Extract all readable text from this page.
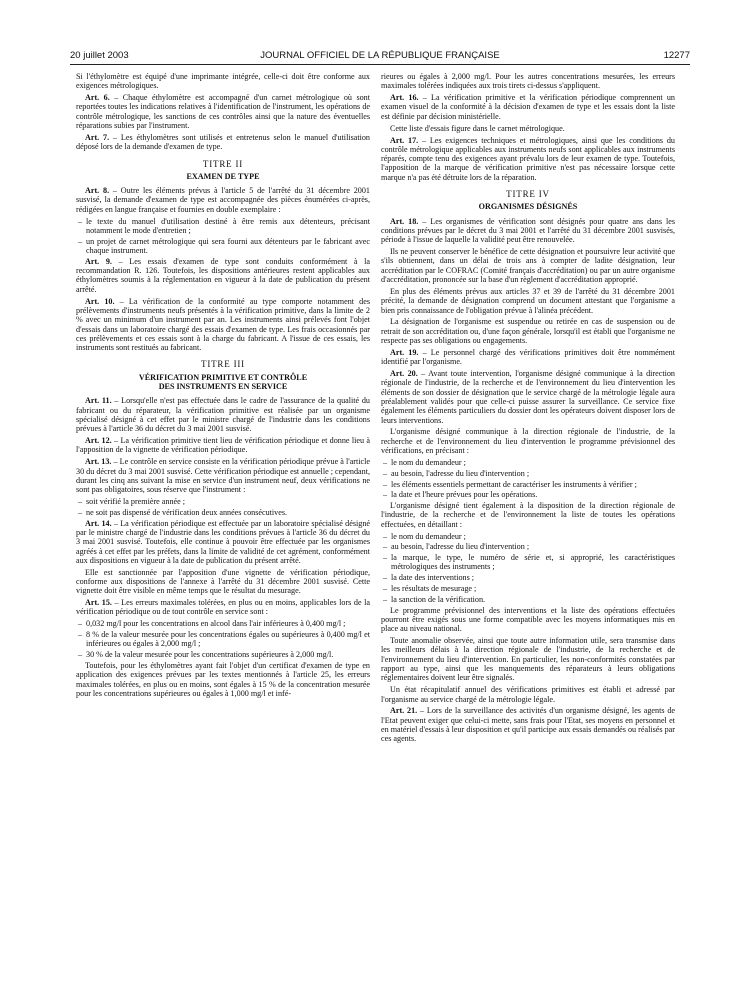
20 juillet 2003	JOURNAL OFFICIEL DE LA RÉPUBLIQUE FRANÇAISE	12277

Si l'éthylomètre est équipé d'une imprimante intégrée, celle-ci doit être conforme aux exigences métrologiques.

Art. 6. – Chaque éthylomètre est accompagné d'un carnet métrologique où sont reportées toutes les indications relatives à l'identification de l'instrument, les opérations de contrôle métrologique, les sanctions de ces contrôles ainsi que la nature des éventuelles réparations subies par l'instrument.

Art. 7. – Les éthylomètres sont utilisés et entretenus selon le manuel d'utilisation déposé lors de la demande d'examen de type.

TITRE II
EXAMEN DE TYPE

Art. 8. – Outre les éléments prévus à l'article 5 de l'arrêté du 31 décembre 2001 susvisé, la demande d'examen de type est accompagnée des pièces énumérées ci-après, rédigées en langue française et fournies en double exemplaire :

– le texte du manuel d'utilisation destiné à être remis aux détenteurs, précisant notamment le mode d'entretien ;
– un projet de carnet métrologique qui sera fourni aux détenteurs par le fabricant avec chaque instrument.

Art. 9. – Les essais d'examen de type sont conduits conformément à la recommandation R. 126. Toutefois, les dispositions antérieures restent applicables aux éthylomètres soumis à la réglementation en vigueur à la date de publication du présent arrêté.

Art. 10. – La vérification de la conformité au type comporte notamment des prélèvements d'instruments neufs présentés à la vérification primitive, dans la limite de 2 % avec un minimum d'un instrument par an. Les instruments ainsi prélevés font l'objet d'essais dans un laboratoire chargé des essais d'examen de type. Les frais occasionnés par ces prélèvements et ces essais sont à la charge du fabricant. A l'issue de ces essais, les instruments sont restitués au fabricant.

TITRE III
VÉRIFICATION PRIMITIVE ET CONTRÔLE
DES INSTRUMENTS EN SERVICE

Art. 11. – Lorsqu'elle n'est pas effectuée dans le cadre de l'assurance de la qualité du fabricant ou du réparateur, la vérification primitive est réalisée par un organisme spécialisé désigné à cet effet par le ministre chargé de l'industrie dans les conditions prévues à l'article 36 du décret du 3 mai 2001 susvisé.

Art. 12. – La vérification primitive tient lieu de vérification périodique et donne lieu à l'apposition de la vignette de vérification périodique.

Art. 13. – Le contrôle en service consiste en la vérification périodique prévue à l'article 30 du décret du 3 mai 2001 susvisé. Cette vérification périodique est annuelle ; cependant, durant les cinq ans suivant la mise en service d'un instrument neuf, deux vérifications ne sont pas obligatoires, sous réserve que l'instrument :

– soit vérifié la première année ;
– ne soit pas dispensé de vérification deux années consécutives.

Art. 14. – La vérification périodique est effectuée par un laboratoire spécialisé désigné par le ministre chargé de l'industrie dans les conditions prévues à l'article 36 du décret du 3 mai 2001 susvisé. Toutefois, elle continue à pouvoir être effectuée par les organismes agréés à cet effet par les préfets, dans la limite de validité de cet agrément, conformément aux dispositions en vigueur à la date de publication du présent arrêté.

Elle est sanctionnée par l'apposition d'une vignette de vérification périodique, conforme aux dispositions de l'annexe à l'arrêté du 31 décembre 2001 susvisé. Cette vignette doit être visible en même temps que le résultat du mesurage.

Art. 15. – Les erreurs maximales tolérées, en plus ou en moins, applicables lors de la vérification périodique ou de tout contrôle en service sont :

– 0,032 mg/l pour les concentrations en alcool dans l'air inférieures à 0,400 mg/l ;
– 8 % de la valeur mesurée pour les concentrations égales ou supérieures à 0,400 mg/l et inférieures ou égales à 2,000 mg/l ;
– 30 % de la valeur mesurée pour les concentrations supérieures à 2,000 mg/l.

Toutefois, pour les éthylomètres ayant fait l'objet d'un certificat d'examen de type en application des exigences prévues par les textes mentionnés à l'article 25, les erreurs maximales tolérées, en plus ou en moins, sont égales à 15 % de la concentration mesurée pour les concentrations supérieures ou égales à 1,000 mg/l et infé-

rieures ou égales à 2,000 mg/l. Pour les autres concentrations mesurées, les erreurs maximales tolérées indiquées aux trois tirets ci-dessus s'appliquent.

Art. 16. – La vérification primitive et la vérification périodique comprennent un examen visuel de la conformité à la décision d'examen de type et les essais dont la liste est définie par décision ministérielle.

Cette liste d'essais figure dans le carnet métrologique.

Art. 17. – Les exigences techniques et métrologiques, ainsi que les conditions du contrôle métrologique applicables aux instruments neufs sont applicables aux instruments réparés, compte tenu des exigences ayant prévalu lors de leur examen de type. Toutefois, l'apposition de la marque de vérification primitive n'est pas nécessaire lorsque cette marque n'a pas été détruite lors de la réparation.

TITRE IV
ORGANISMES DÉSIGNÉS

Art. 18. – Les organismes de vérification sont désignés pour quatre ans dans les conditions prévues par le décret du 3 mai 2001 et l'arrêté du 31 décembre 2001 susvisés, période à l'issue de laquelle la validité peut être renouvelée.

Ils ne peuvent conserver le bénéfice de cette désignation et poursuivre leur activité que s'ils obtiennent, dans un délai de trois ans à compter de ladite désignation, leur accréditation par le COFRAC (Comité français d'accréditation) ou par un autre organisme d'accréditation, prononcée sur la base d'un règlement d'accréditation approprié.

En plus des éléments prévus aux articles 37 et 39 de l'arrêté du 31 décembre 2001 précité, la demande de désignation comprend un document attestant que l'organisme a bien pris connaissance de l'obligation prévue à l'alinéa précédent.

La désignation de l'organisme est suspendue ou retirée en cas de suspension ou de retrait de son accréditation ou, d'une façon générale, lorsqu'il est établi que l'organisme ne respecte pas ses obligations ou engagements.

Art. 19. – Le personnel chargé des vérifications primitives doit être nommément identifié par l'organisme.

Art. 20. – Avant toute intervention, l'organisme désigné communique à la direction régionale de l'industrie, de la recherche et de l'environnement du lieu d'intervention les éléments de son dossier de désignation que le service chargé de la métrologie légale aura préalablement validés pour que celle-ci puisse assurer la surveillance. Ce service fixe également les éléments particuliers du dossier dont les opérateurs doivent disposer lors de leurs interventions.

L'organisme désigné communique à la direction régionale de l'industrie, de la recherche et de l'environnement du lieu d'intervention le programme prévisionnel des vérifications, en précisant :

– le nom du demandeur ;
– au besoin, l'adresse du lieu d'intervention ;
– les éléments essentiels permettant de caractériser les instruments à vérifier ;
– la date et l'heure prévues pour les opérations.

L'organisme désigné tient également à la disposition de la direction régionale de l'industrie, de la recherche et de l'environnement la liste de toutes les opérations effectuées, en détaillant :

– le nom du demandeur ;
– au besoin, l'adresse du lieu d'intervention ;
– la marque, le type, le numéro de série et, si approprié, les caractéristiques métrologiques des instruments ;
– la date des interventions ;
– les résultats de mesurage ;
– la sanction de la vérification.

Le programme prévisionnel des interventions et la liste des opérations effectuées pourront être exigés sous une forme compatible avec les moyens informatiques mis en place au niveau national.

Toute anomalie observée, ainsi que toute autre information utile, sera transmise dans les meilleurs délais à la direction régionale de l'industrie, de la recherche et de l'environnement du lieu d'intervention. En particulier, les non-conformités constatées par rapport au type, ainsi que les manquements des réparateurs à leurs obligations réglementaires doivent leur être signalés.

Un état récapitulatif annuel des vérifications primitives est établi et adressé par l'organisme au service chargé de la métrologie légale.

Art. 21. – Lors de la surveillance des activités d'un organisme désigné, les agents de l'Etat peuvent exiger que celui-ci mette, sans frais pour l'Etat, ses moyens en personnel et en matériel d'essais à leur disposition et qu'il participe aux essais demandés ou réalisés par ces agents.
